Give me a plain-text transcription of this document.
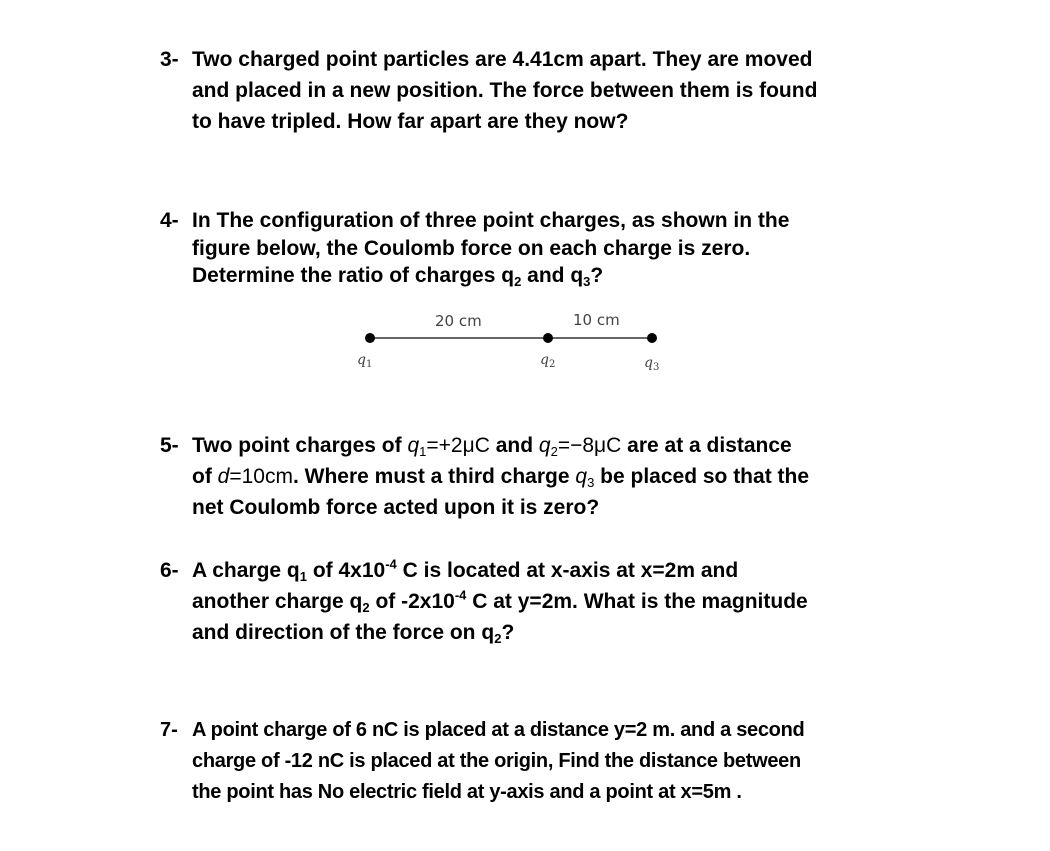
3- Two charged point particles are 4.41cm apart. They are moved
and placed in a new position. The force between them is found
to have tripled. How far apart are they now?
4- In The configuration of three point charges, as shown in the
figure below, the Coulomb force on each charge is zero.
Determine the ratio of charges $q_2$ and $q_3$?
20 cm	10 cm
$q_1$	$q_2$	$q_3$
5- Two point charges of $q_1=+2\mu C$ and $q_2=-8\mu C$ are at a distance
of d=10cm. Where must a third charge $q_3$ be placed so that the
net Coulomb force acted upon it is zero?
6- A charge $q_1$ of $4x10^{-4}$ C is located at x-axis at x=2m and
another charge $q_2$ of $-2x10^{-4}$ C at y=2m. What is the magnitude
and direction of the force on $q_2$?
7- A point charge of 6 nC is placed at a distance y=2 m. and a second
charge of -12 nC is placed at the origin, Find the distance between
the point has No electric field at y-axis and a point at x=5m .
